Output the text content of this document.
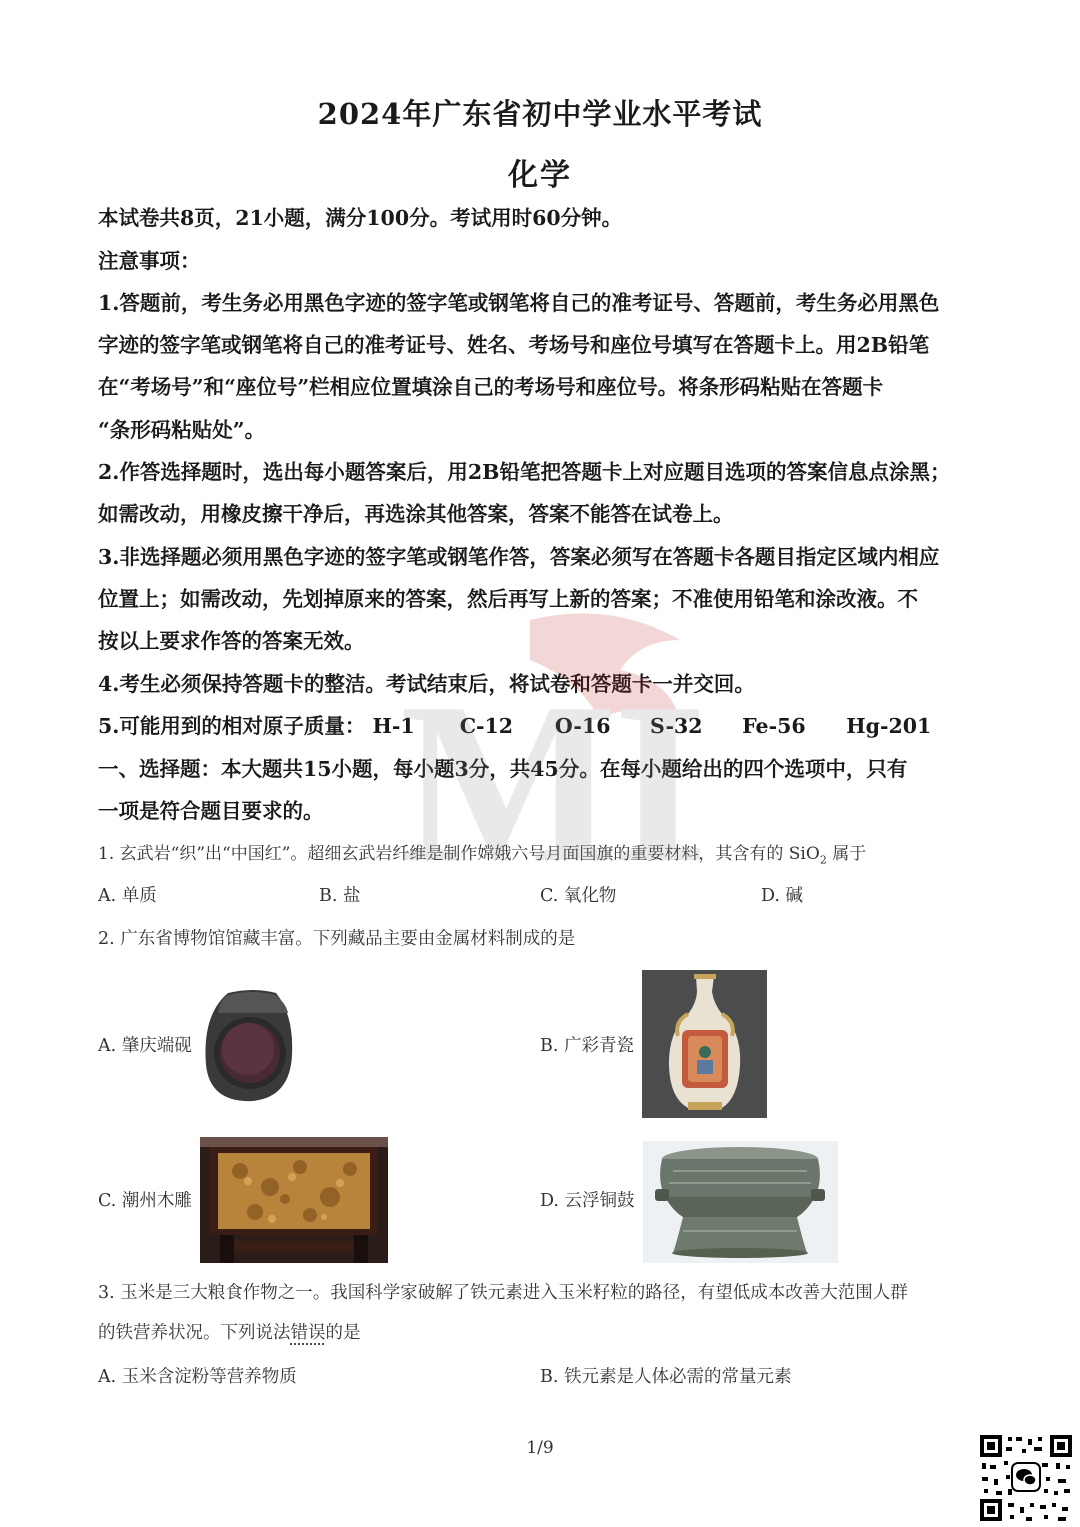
2024年广东省初中学业水平考试
化学
本试卷共8页，21小题，满分100分。考试用时60分钟。
注意事项：
1.答题前，考生务必用黑色字迹的签字笔或钢笔将自己的准考证号、答题前，考生务必用黑色
字迹的签字笔或钢笔将自己的准考证号、姓名、考场号和座位号填写在答题卡上。用2B铅笔
在“考场号”和“座位号”栏相应位置填涂自己的考场号和座位号。将条形码粘贴在答题卡
“条形码粘贴处”。
2.作答选择题时，选出每小题答案后，用2B铅笔把答题卡上对应题目选项的答案信息点涂黑；
如需改动，用橡皮擦干净后，再选涂其他答案，答案不能答在试卷上。
3.非选择题必须用黑色字迹的签字笔或钢笔作答，答案必须写在答题卡各题目指定区域内相应
位置上；如需改动，先划掉原来的答案，然后再写上新的答案；不准使用铅笔和涂改液。不
按以上要求作答的答案无效。
4.考生必须保持答题卡的整洁。考试结束后，将试卷和答题卡一并交回。
5.可能用到的相对原子质量： H-1 C-12 O-16 S-32 Fe-56 Hg-201
一、选择题：本大题共15小题，每小题3分，共45分。在每小题给出的四个选项中，只有
一项是符合题目要求的。
1. 玄武岩“织”出“中国红”。超细玄武岩纤维是制作嫦娥六号月面国旗的重要材料，其含有的 SiO$_2$ 属于
A. 单质	B. 盐	C. 氧化物	D. 碱
2. 广东省博物馆馆藏丰富。下列藏品主要由金属材料制成的是
A. 肇庆端砚	B. 广彩青瓷
C. 潮州木雕	D. 云浮铜鼓
3. 玉米是三大粮食作物之一。我国科学家破解了铁元素进入玉米籽粒的路径，有望低成本改善大范围人群
的铁营养状况。下列说法错误的是
A. 玉米含淀粉等营养物质	B. 铁元素是人体必需的常量元素
ML
1/9
